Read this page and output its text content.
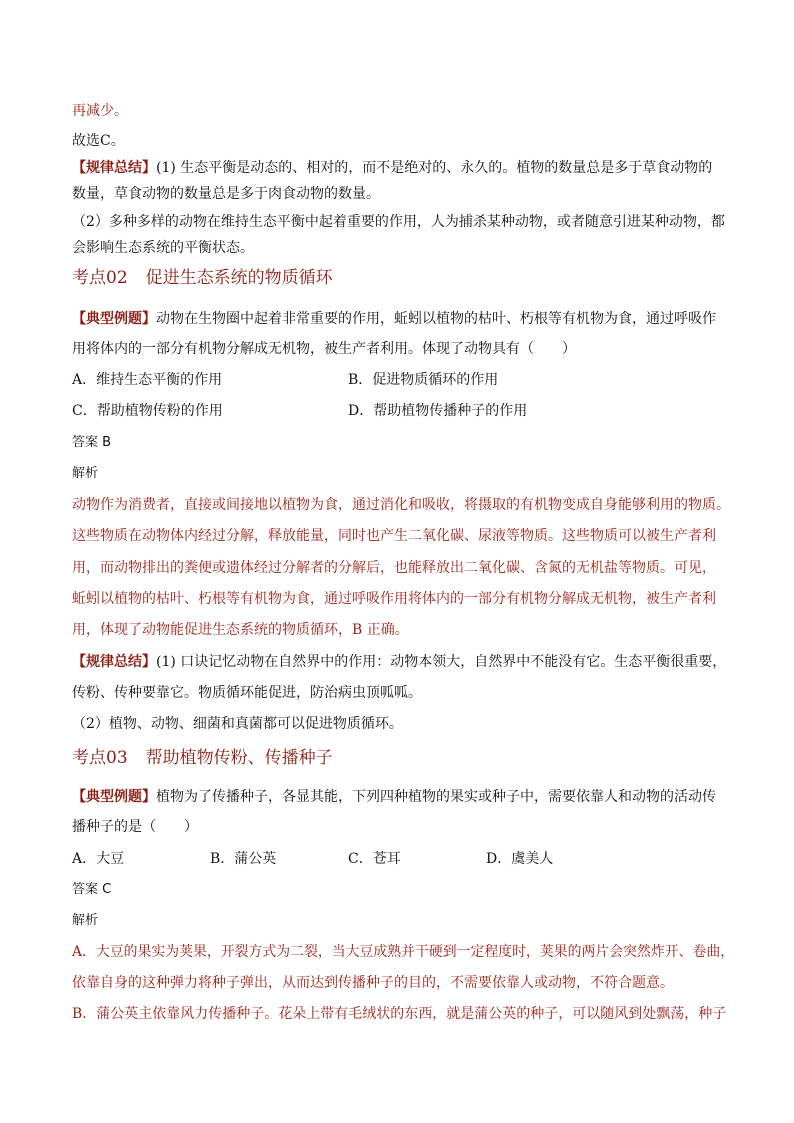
再减少。
故选C。
【规律总结】(1) 生态平衡是动态的、相对的，而不是绝对的、永久的。植物的数量总是多于草食动物的
数量，草食动物的数量总是多于肉食动物的数量。
（2）多种多样的动物在维持生态平衡中起着重要的作用，人为捕杀某种动物，或者随意引进某种动物，都
会影响生态系统的平衡状态。
考点02 促进生态系统的物质循环
【典型例题】动物在生物圈中起着非常重要的作用，蚯蚓以植物的枯叶、朽根等有机物为食，通过呼吸作
用将体内的一部分有机物分解成无机物，被生产者利用。体现了动物具有（　　）
A．维持生态平衡的作用	B．促进物质循环的作用
C．帮助植物传粉的作用	D．帮助植物传播种子的作用
答案 B
解析
动物作为消费者，直接或间接地以植物为食，通过消化和吸收，将摄取的有机物变成自身能够利用的物质。
这些物质在动物体内经过分解，释放能量，同时也产生二氧化碳、尿液等物质。这些物质可以被生产者利
用，而动物排出的粪便或遗体经过分解者的分解后，也能释放出二氧化碳、含氮的无机盐等物质。可见，
蚯蚓以植物的枯叶、朽根等有机物为食，通过呼吸作用将体内的一部分有机物分解成无机物，被生产者利
用，体现了动物能促进生态系统的物质循环，B 正确。
【规律总结】(1) 口诀记忆动物在自然界中的作用：动物本领大，自然界中不能没有它。生态平衡很重要，
传粉、传种要靠它。物质循环能促进，防治病虫顶呱呱。
（2）植物、动物、细菌和真菌都可以促进物质循环。
考点03 帮助植物传粉、传播种子
【典型例题】植物为了传播种子，各显其能，下列四种植物的果实或种子中，需要依靠人和动物的活动传
播种子的是（　　）
A．大豆	B．蒲公英	C．苍耳	D．虞美人
答案 C
解析
A．大豆的果实为荚果，开裂方式为二裂，当大豆成熟并干硬到一定程度时，荚果的两片会突然炸开、卷曲，
依靠自身的这种弹力将种子弹出，从而达到传播种子的目的，不需要依靠人或动物，不符合题意。
B．蒲公英主依靠风力传播种子。花朵上带有毛绒状的东西，就是蒲公英的种子，可以随风到处飘荡，种子
